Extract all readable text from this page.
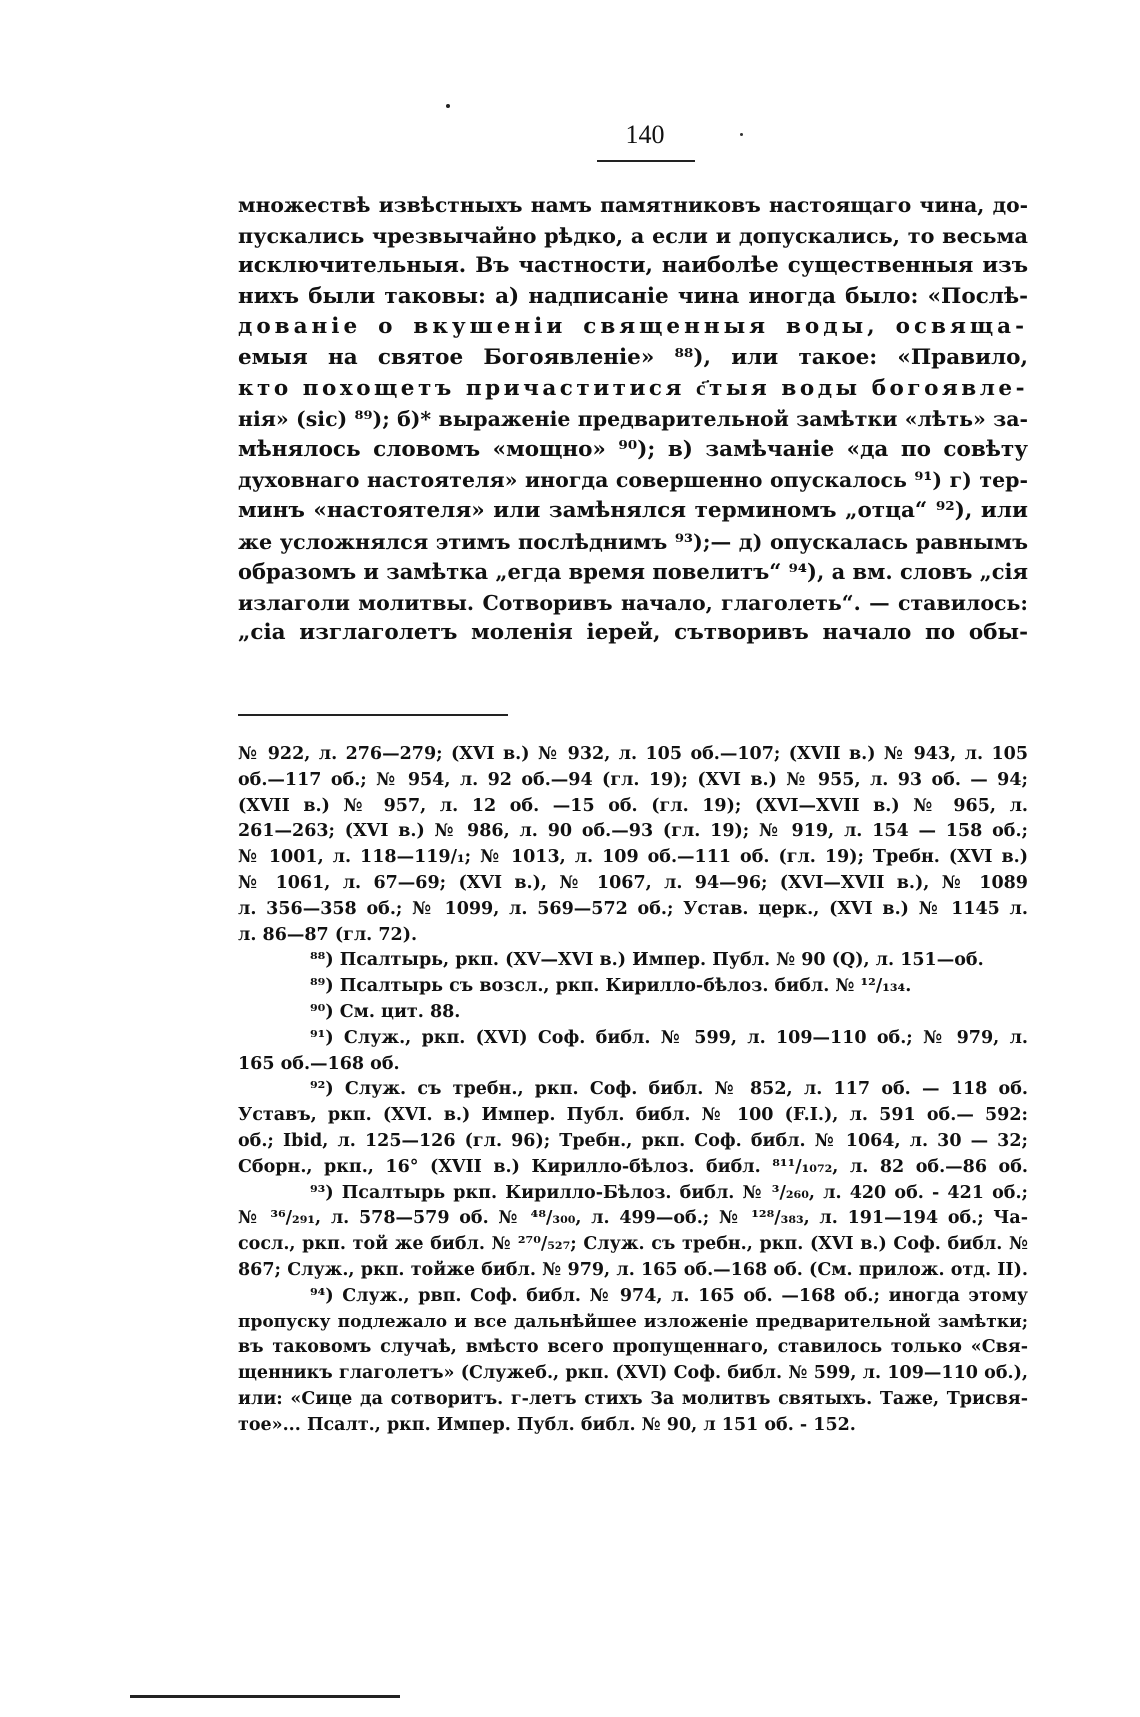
140
множествѣ извѣстныхъ намъ памятниковъ настоящаго чина, до-
пускались чрезвычайно рѣдко, а если и допускались, то весьма
исключительныя. Въ частности, наиболѣе существенныя изъ
нихъ были таковы: а) надписаніе чина иногда было: «Послѣ-
дованіе о вкушеніи священныя воды, освяща-
емыя на святое Богоявленіе» ⁸⁸), или такое: «Правило,
кто похощетъ причаститися с҃тыя воды богоявле-
нія» (sic) ⁸⁹); б)* выраженіе предварительной замѣтки «лѣть» за-
мѣнялось словомъ «мощно» ⁹⁰); в) замѣчаніе «да по совѣту
духовнаго настоятеля» иногда совершенно опускалось ⁹¹) г) тер-
минъ «настоятеля» или замѣнялся терминомъ „отца“ ⁹²), или
же усложнялся этимъ послѣднимъ ⁹³);— д) опускалась равнымъ
образомъ и замѣтка „егда время повелитъ“ ⁹⁴), а вм. словъ „сія
излаголи молитвы. Сотворивъ начало, глаголеть“. — ставилось:
„сіа изглаголетъ моленія іерей, сътворивъ начало по обы-
№ 922, л. 276—279; (XVI в.) № 932, л. 105 об.—107; (XVII в.) № 943, л. 105
об.—117 об.; № 954, л. 92 об.—94 (гл. 19); (XVI в.) № 955, л. 93 об. — 94;
(XVII в.) № 957, л. 12 об. —15 об. (гл. 19); (XVI—XVII в.) № 965, л.
261—263; (XVI в.) № 986, л. 90 об.—93 (гл. 19); № 919, л. 154 — 158 об.;
№ 1001, л. 118—119/₁; № 1013, л. 109 об.—111 об. (гл. 19); Требн. (XVI в.)
№ 1061, л. 67—69; (XVI в.), № 1067, л. 94—96; (XVI—XVII в.), № 1089
л. 356—358 об.; № 1099, л. 569—572 об.; Устав. церк., (XVI в.) № 1145 л.
л. 86—87 (гл. 72).
⁸⁸) Псалтырь, ркп. (XV—XVI в.) Импер. Публ. № 90 (Q), л. 151—об.
⁸⁹) Псалтырь съ возсл., ркп. Кирилло-бѣлоз. библ. № ¹²/₁₃₄.
⁹⁰) См. цит. 88.
⁹¹) Служ., ркп. (XVI) Соф. библ. № 599, л. 109—110 об.; № 979, л.
165 об.—168 об.
⁹²) Служ. съ требн., ркп. Соф. библ. № 852, л. 117 об. — 118 об.
Уставъ, ркп. (XVI. в.) Импер. Публ. библ. № 100 (F.I.), л. 591 об.— 592:
об.; Ibid, л. 125—126 (гл. 96); Требн., ркп. Соф. библ. № 1064, л. 30 — 32;
Сборн., ркп., 16° (XVII в.) Кирилло-бѣлоз. библ. ⁸¹¹/₁₀₇₂, л. 82 об.—86 об.
⁹³) Псалтырь ркп. Кирилло-Бѣлоз. библ. № ³/₂₆₀, л. 420 об. - 421 об.;
№ ³⁶/₂₉₁, л. 578—579 об. № ⁴⁸/₃₀₀, л. 499—об.; № ¹²⁸/₃₈₃, л. 191—194 об.; Ча-
сосл., ркп. той же библ. № ²⁷⁰/₅₂₇; Служ. съ требн., ркп. (XVI в.) Соф. библ. №
867; Служ., ркп. тойже библ. № 979, л. 165 об.—168 об. (См. прилож. отд. II).
⁹⁴) Служ., рвп. Соф. библ. № 974, л. 165 об. —168 об.; иногда этому
пропуску подлежало и все дальнѣйшее изложеніе предварительной замѣтки;
въ таковомъ случаѣ, вмѣсто всего пропущеннаго, ставилось только «Свя-
щенникъ глаголетъ» (Служеб., ркп. (XVI) Соф. библ. № 599, л. 109—110 об.),
или: «Сице да сотворитъ. г-летъ стихъ За молитвъ святыхъ. Таже, Трисвя-
тое»... Псалт., ркп. Импер. Публ. библ. № 90, л 151 об. - 152.
